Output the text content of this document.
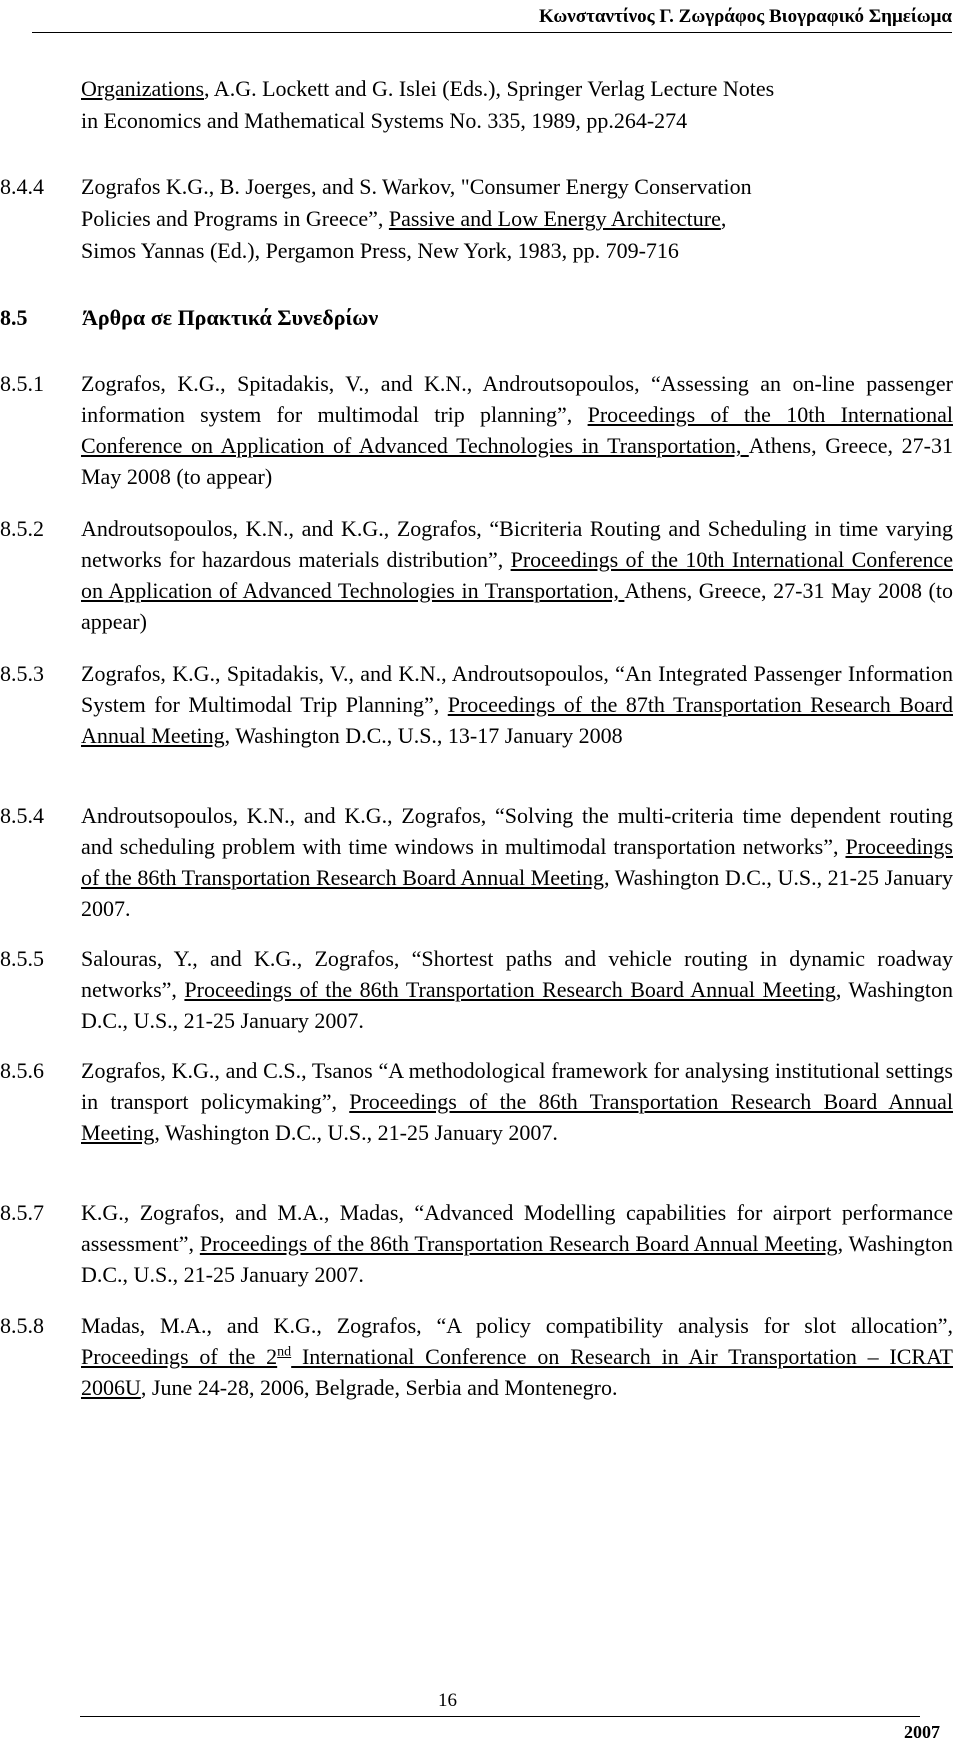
Κωνσταντίνος Γ. Ζωγράφος Βιογραφικό Σημείωμα
Organizations, A.G. Lockett and G. Islei (Eds.), Springer Verlag Lecture Notes
in Economics and Mathematical Systems No. 335, 1989, pp.264-274
8.4.4 Zografos K.G., B. Joerges, and S. Warkov, "Consumer Energy Conservation
Policies and Programs in Greece”, Passive and Low Energy Architecture,
Simos Yannas (Ed.), Pergamon Press, New York, 1983, pp. 709-716
8.5 Άρθρα σε Πρακτικά Συνεδρίων
8.5.1 Zografos, K.G., Spitadakis, V., and K.N., Androutsopoulos, “Assessing an on-line passenger information system for multimodal trip planning”, Proceedings of the 10th International Conference on Application of Advanced Technologies in Transportation, Athens, Greece, 27-31 May 2008 (to appear)
8.5.2 Androutsopoulos, K.N., and K.G., Zografos, “Bicriteria Routing and Scheduling in time varying networks for hazardous materials distribution”, Proceedings of the 10th International Conference on Application of Advanced Technologies in Transportation, Athens, Greece, 27-31 May 2008 (to appear)
8.5.3 Zografos, K.G., Spitadakis, V., and K.N., Androutsopoulos, “An Integrated Passenger Information System for Multimodal Trip Planning”, Proceedings of the 87th Transportation Research Board Annual Meeting, Washington D.C., U.S., 13-17 January 2008
8.5.4 Androutsopoulos, K.N., and K.G., Zografos, “Solving the multi-criteria time dependent routing and scheduling problem with time windows in multimodal transportation networks”, Proceedings of the 86th Transportation Research Board Annual Meeting, Washington D.C., U.S., 21-25 January 2007.
8.5.5 Salouras, Y., and K.G., Zografos, “Shortest paths and vehicle routing in dynamic roadway networks”, Proceedings of the 86th Transportation Research Board Annual Meeting, Washington D.C., U.S., 21-25 January 2007.
8.5.6 Zografos, K.G., and C.S., Tsanos “A methodological framework for analysing institutional settings in transport policymaking”, Proceedings of the 86th Transportation Research Board Annual Meeting, Washington D.C., U.S., 21-25 January 2007.
8.5.7 K.G., Zografos, and M.A., Madas, “Advanced Modelling capabilities for airport performance assessment”, Proceedings of the 86th Transportation Research Board Annual Meeting, Washington D.C., U.S., 21-25 January 2007.
8.5.8 Madas, M.A., and K.G., Zografos, “A policy compatibility analysis for slot allocation”, Proceedings of the 2nd International Conference on Research in Air Transportation – ICRAT 2006U, June 24-28, 2006, Belgrade, Serbia and Montenegro.
16
2007
